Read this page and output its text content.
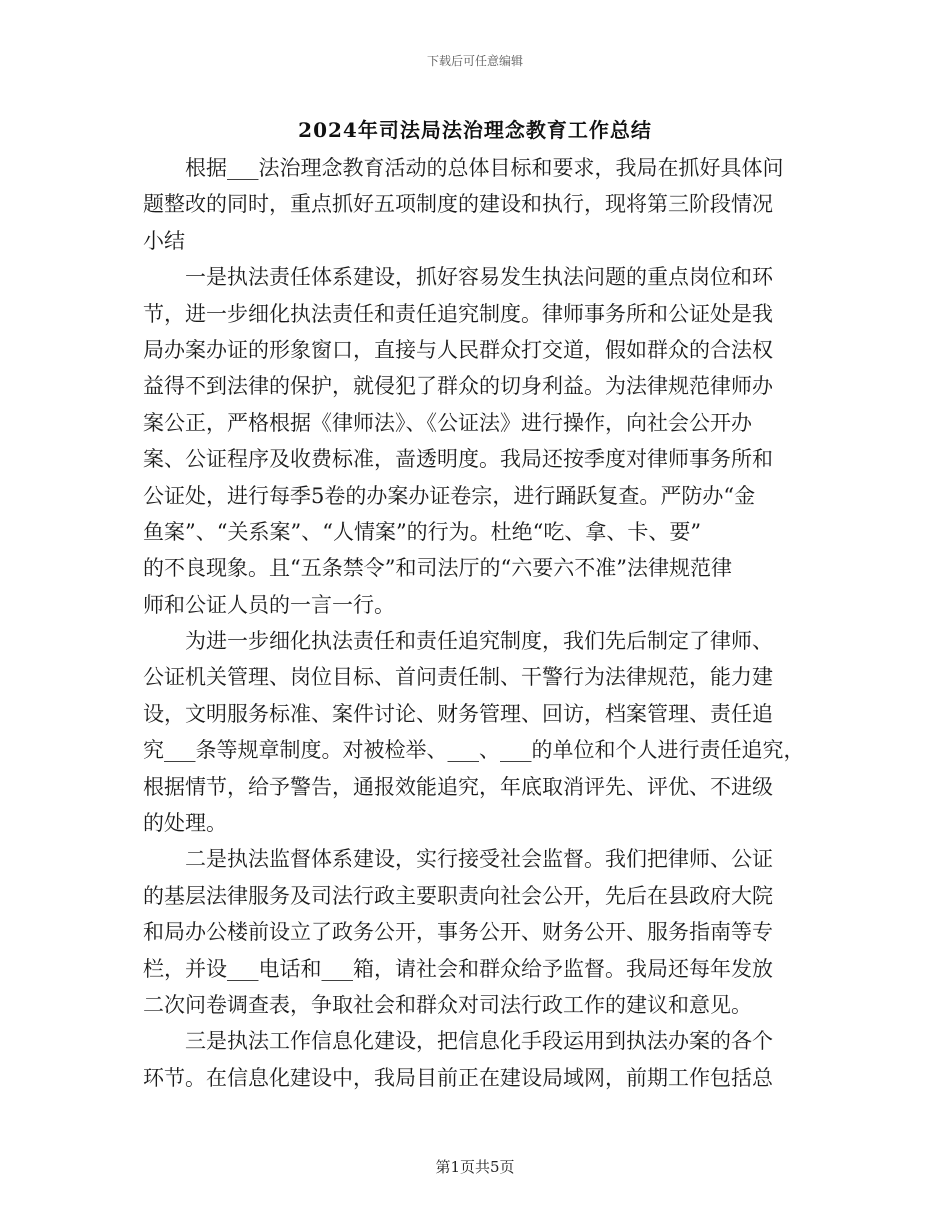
下载后可任意编辑
2024年司法局法治理念教育工作总结
根据___法治理念教育活动的总体目标和要求，我局在抓好具体问
题整改的同时，重点抓好五项制度的建设和执行，现将第三阶段情况
小结
一是执法责任体系建设，抓好容易发生执法问题的重点岗位和环
节，进一步细化执法责任和责任追究制度。律师事务所和公证处是我
局办案办证的形象窗口，直接与人民群众打交道，假如群众的合法权
益得不到法律的保护，就侵犯了群众的切身利益。为法律规范律师办
案公正，严格根据《律师法》、《公证法》进行操作，向社会公开办
案、公证程序及收费标准，啬透明度。我局还按季度对律师事务所和
公证处，进行每季5卷的办案办证卷宗，进行踊跃复查。严防办“金
鱼案”、“关系案”、“人情案”的行为。杜绝“吃、拿、卡、要”
的不良现象。且“五条禁令”和司法厅的“六要六不准”法律规范律
师和公证人员的一言一行。
为进一步细化执法责任和责任追究制度，我们先后制定了律师、
公证机关管理、岗位目标、首问责任制、干警行为法律规范，能力建
设，文明服务标准、案件讨论、财务管理、回访，档案管理、责任追
究___条等规章制度。对被检举、___、___的单位和个人进行责任追究，
根据情节，给予警告，通报效能追究，年底取消评先、评优、不进级
的处理。
二是执法监督体系建设，实行接受社会监督。我们把律师、公证
的基层法律服务及司法行政主要职责向社会公开，先后在县政府大院
和局办公楼前设立了政务公开，事务公开、财务公开、服务指南等专
栏，并设___电话和___箱，请社会和群众给予监督。我局还每年发放
二次问卷调查表，争取社会和群众对司法行政工作的建议和意见。
三是执法工作信息化建设，把信息化手段运用到执法办案的各个
环节。在信息化建设中，我局目前正在建设局域网，前期工作包括总
第1页共5页
